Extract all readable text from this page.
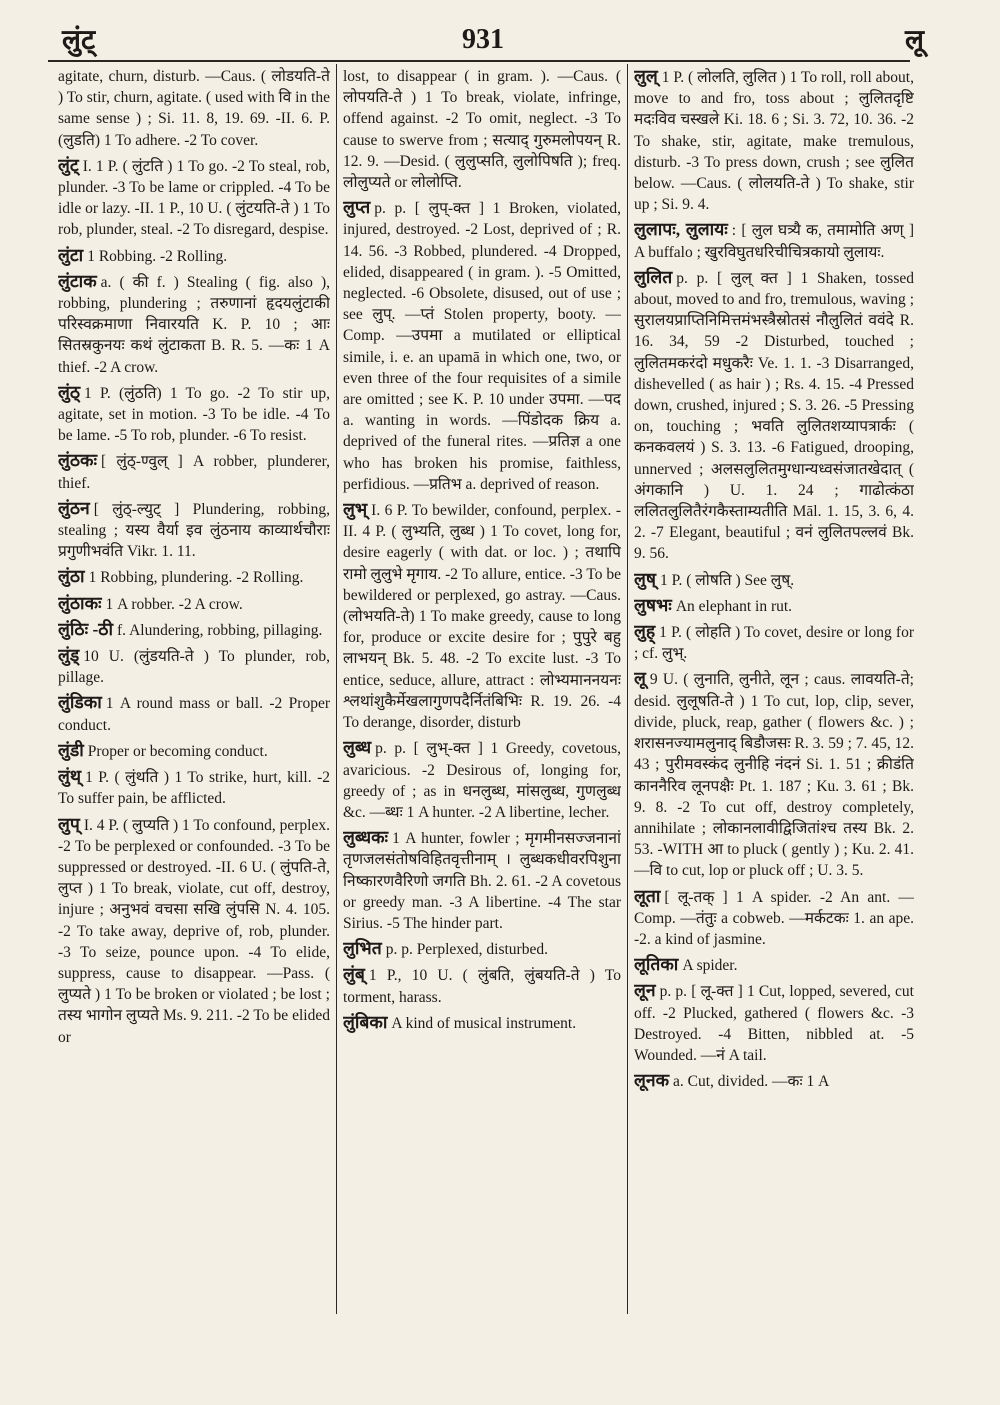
लुंट्	931	लू

agitate, churn, disturb. —Caus. ( लोडयति-ते ) To stir, churn, agitate. ( used with वि in the same sense ) ; Si. 11. 8, 19. 69. -II. 6. P. (लुडति) 1 To adhere. -2 To cover.

लुंट् I. 1 P. ( लुंटति ) 1 To go. -2 To steal, rob, plunder. -3 To be lame or crippled. -4 To be idle or lazy. -II. 1 P., 10 U. ( लुंटयति-ते ) 1 To rob, plunder, steal. -2 To disregard, despise.

लुंटा 1 Robbing. -2 Rolling.

लुंटाक a. ( की f. ) Stealing ( fig. also ), robbing, plundering ; तरुणानां हृदयलुंटाकी परिस्वक्रमाणा निवारयति K. P. 10 ; आः सितस्रकुनयः कथं लुंटाकता B. R. 5. —कः 1 A thief. -2 A crow.

लुंठ् 1 P. (लुंठति) 1 To go. -2 To stir up, agitate, set in motion. -3 To be idle. -4 To be lame. -5 To rob, plunder. -6 To resist.

लुंठकः [ लुंठ्-ण्वुल् ] A robber, plunderer, thief.

लुंठन [ लुंठ्-ल्युट् ] Plundering, robbing, stealing ; यस्य वैर्या इव लुंठनाय काव्यार्थचौराः प्रगुणीभवंति Vikr. 1. 11.

लुंठा 1 Robbing, plundering. -2 Rolling.

लुंठाकः 1 A robber. -2 A crow.

लुंठिः -ठी f. Alundering, robbing, pillaging.

लुंड् 10 U. (लुंडयति-ते ) To plunder, rob, pillage.

लुंडिका 1 A round mass or ball. -2 Proper conduct.

लुंडी Proper or becoming conduct.

लुंथ् 1 P. ( लुंथति ) 1 To strike, hurt, kill. -2 To suffer pain, be afflicted.

लुप् I. 4 P. ( लुप्यति ) 1 To confound, perplex. -2 To be perplexed or confounded. -3 To be suppressed or destroyed. -II. 6 U. ( लुंपति-ते, लुप्त ) 1 To break, violate, cut off, destroy, injure ; अनुभवं वचसा सखि लुंपसि N. 4. 105. -2 To take away, deprive of, rob, plunder. -3 To seize, pounce upon. -4 To elide, suppress, cause to disappear. —Pass. ( लुप्यते ) 1 To be broken or violated ; be lost ; तस्य भागोन लुप्यते Ms. 9. 211. -2 To be elided or

lost, to disappear ( in gram. ). —Caus. ( लोपयति-ते ) 1 To break, violate, infringe, offend against. -2 To omit, neglect. -3 To cause to swerve from ; सत्याद् गुरुमलोपयन् R. 12. 9. —Desid. ( लुलुप्सति, लुलोपिषति ); freq. लोलुप्यते or लोलोप्ति.

लुप्त p. p. [ लुप्-क्त ] 1 Broken, violated, injured, destroyed. -2 Lost, deprived of ; R. 14. 56. -3 Robbed, plundered. -4 Dropped, elided, disappeared ( in gram. ). -5 Omitted, neglected. -6 Obsolete, disused, out of use ; see लुप्. —प्तं Stolen property, booty. —Comp. —उपमा a mutilated or elliptical simile, i. e. an upamā in which one, two, or even three of the four requisites of a simile are omitted ; see K. P. 10 under उपमा. —पद a. wanting in words. —पिंडोदक क्रिय a. deprived of the funeral rites. —प्रतिज्ञ a one who has broken his promise, faithless, perfidious. —प्रतिभ a. deprived of reason.

लुभ् I. 6 P. To bewilder, confound, perplex. -II. 4 P. ( लुभ्यति, लुब्ध ) 1 To covet, long for, desire eagerly ( with dat. or loc. ) ; तथापि रामो लुलुभे मृगाय. -2 To allure, entice. -3 To be bewildered or perplexed, go astray. —Caus. (लोभयति-ते) 1 To make greedy, cause to long for, produce or excite desire for ; पुपुरे बहु लाभयन् Bk. 5. 48. -2 To excite lust. -3 To entice, seduce, allure, attract : लोभ्यमाननयनः श्लथांशुकैर्मेखलागुणपदैर्नितंबिभिः R. 19. 26. -4 To derange, disorder, disturb

लुब्ध p. p. [ लुभ्-क्त ] 1 Greedy, covetous, avaricious. -2 Desirous of, longing for, greedy of ; as in धनलुब्ध, मांसलुब्ध, गुणलुब्ध &c. —ब्धः 1 A hunter. -2 A libertine, lecher.

लुब्धकः 1 A hunter, fowler ; मृगमीनसज्जनानां तृणजलसंतोषविहितवृत्तीनाम् । लुब्धकधीवरपिशुना निष्कारणवैरिणो जगति Bh. 2. 61. -2 A covetous or greedy man. -3 A libertine. -4 The star Sirius. -5 The hinder part.

लुभित p. p. Perplexed, disturbed.

लुंब् 1 P., 10 U. ( लुंबति, लुंबयति-ते ) To torment, harass.

लुंबिका A kind of musical instrument.

लुल् 1 P. ( लोलति, लुलित ) 1 To roll, roll about, move to and fro, toss about ; लुलितदृष्टि मदःविव चस्खले Ki. 18. 6 ; Si. 3. 72, 10. 36. -2 To shake, stir, agitate, make tremulous, disturb. -3 To press down, crush ; see लुलित below. —Caus. ( लोलयति-ते ) To shake, stir up ; Si. 9. 4.

लुलापः, लुलायः : [ लुल घत्र्यै क, तमामोति अण् ] A buffalo ; खुरविघुतधरिचीचित्रकायो लुलायः.

लुलित p. p. [ लुल् क्त ] 1 Shaken, tossed about, moved to and fro, tremulous, waving ; सुरालयप्राप्तिनिमित्तमंभस्त्रैस्रोतसं नौलुलितं ववंदे R. 16. 34, 59 -2 Disturbed, touched ; लुलितमकरंदो मधुकरैः Ve. 1. 1. -3 Disarranged, dishevelled ( as hair ) ; Rs. 4. 15. -4 Pressed down, crushed, injured ; S. 3. 26. -5 Pressing on, touching ; भवति लुलितशय्यापत्रार्कः ( कनकवलयं ) S. 3. 13. -6 Fatigued, drooping, unnerved ; अलसलुलितमुग्धान्यध्वसंजातखेदात् ( अंगकानि ) U. 1. 24 ; गाढोत्कंठा ललितलुलितैरंगकैस्ताम्यतीति Māl. 1. 15, 3. 6, 4. 2. -7 Elegant, beautiful ; वनं लुलितपल्लवं Bk. 9. 56.

लुष् 1 P. ( लोषति ) See लुष्.

लुषभः An elephant in rut.

लुह् 1 P. ( लोहति ) To covet, desire or long for ; cf. लुभ्.

लू 9 U. ( लुनाति, लुनीते, लून ; caus. लावयति-ते; desid. लुलूषति-ते ) 1 To cut, lop, clip, sever, divide, pluck, reap, gather ( flowers &c. ) ; शरासनज्यामलुनाद् बिडौजसः R. 3. 59 ; 7. 45, 12. 43 ; पुरीमवस्कंद लुनीहि नंदनं Si. 1. 51 ; क्रीडंति काननैरिव लूनपक्षैः Pt. 1. 187 ; Ku. 3. 61 ; Bk. 9. 8. -2 To cut off, destroy completely, annihilate ; लोकानलावीद्विजितांश्च तस्य Bk. 2. 53. -WITH आ to pluck ( gently ) ; Ku. 2. 41. —वि to cut, lop or pluck off ; U. 3. 5.

लूता [ लू-तक् ] 1 A spider. -2 An ant. —Comp. —तंतुः a cobweb. —मर्कटकः 1. an ape. -2. a kind of jasmine.

लूतिका A spider.

लून p. p. [ लू-क्त ] 1 Cut, lopped, severed, cut off. -2 Plucked, gathered ( flowers &c. -3 Destroyed. -4 Bitten, nibbled at. -5 Wounded. —नं A tail.

लूनक a. Cut, divided. —कः 1 A
